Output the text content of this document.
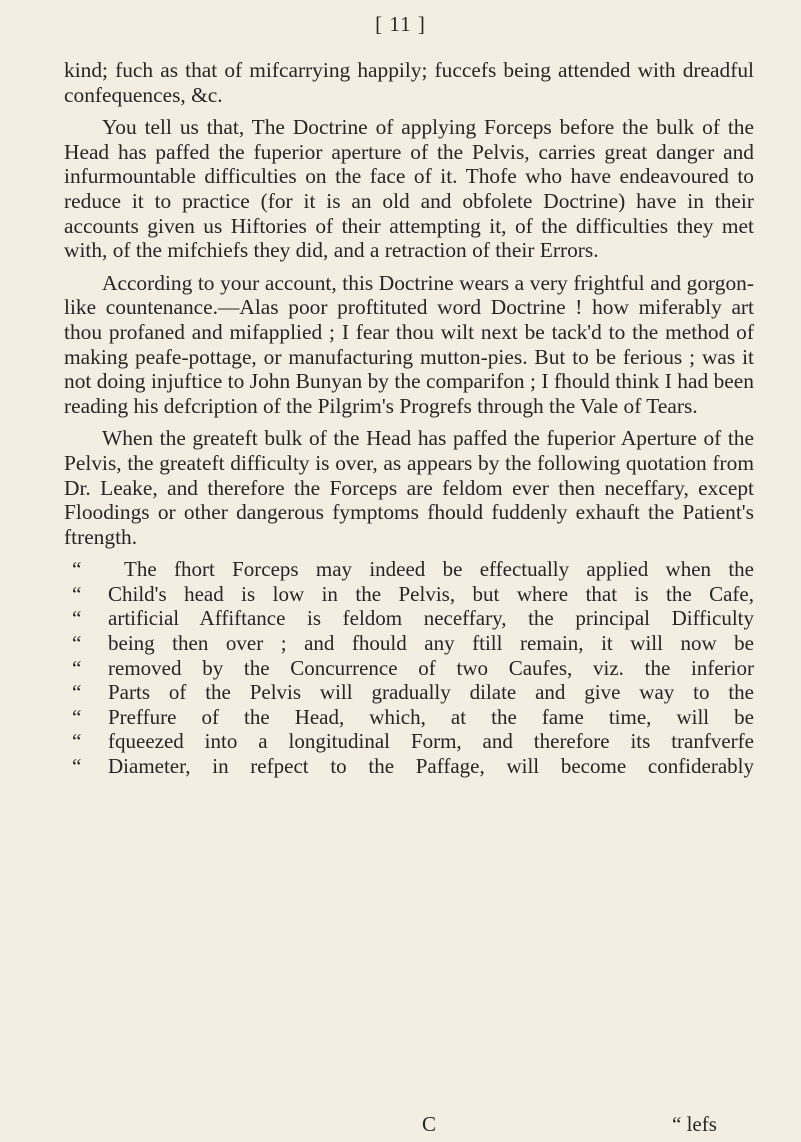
[ 11 ]

kind; fuch as that of mifcarrying happily; fuccefs being attended with dreadful confequences, &c.

You tell us that, The Doctrine of applying Forceps before the bulk of the Head has paffed the fuperior aperture of the Pelvis, carries great danger and infurmountable difficulties on the face of it. Thofe who have endeavoured to reduce it to practice (for it is an old and obfolete Doctrine) have in their accounts given us Hiftories of their attempting it, of the difficulties they met with, of the mifchiefs they did, and a retraction of their Errors.

According to your account, this Doctrine wears a very frightful and gorgon-like countenance.—Alas poor proftituted word Doctrine ! how miferably art thou profaned and mifapplied ; I fear thou wilt next be tack'd to the method of making peafe-pottage, or manufacturing mutton-pies. But to be ferious ; was it not doing injuftice to John Bunyan by the comparifon ; I fhould think I had been reading his defcription of the Pilgrim's Progrefs through the Vale of Tears.

When the greateft bulk of the Head has paffed the fuperior Aperture of the Pelvis, the greateft difficulty is over, as appears by the following quotation from Dr. Leake, and therefore the Forceps are feldom ever then neceffary, except Floodings or other dangerous fymptoms fhould fuddenly exhauft the Patient's ftrength.

“	The fhort Forceps may indeed be effectually applied when the
“	Child's head is low in the Pelvis, but where that is the Cafe,
“	artificial Affiftance is feldom neceffary, the principal Difficulty
“	being then over ; and fhould any ftill remain, it will now be
“	removed by the Concurrence of two Caufes, viz. the inferior
“	Parts of the Pelvis will gradually dilate and give way to the
“	Preffure of the Head, which, at the fame time, will be
“	fqueezed into a longitudinal Form, and therefore its tranfverfe
“	Diameter, in refpect to the Paffage, will become confiderably
C	“ lefs
